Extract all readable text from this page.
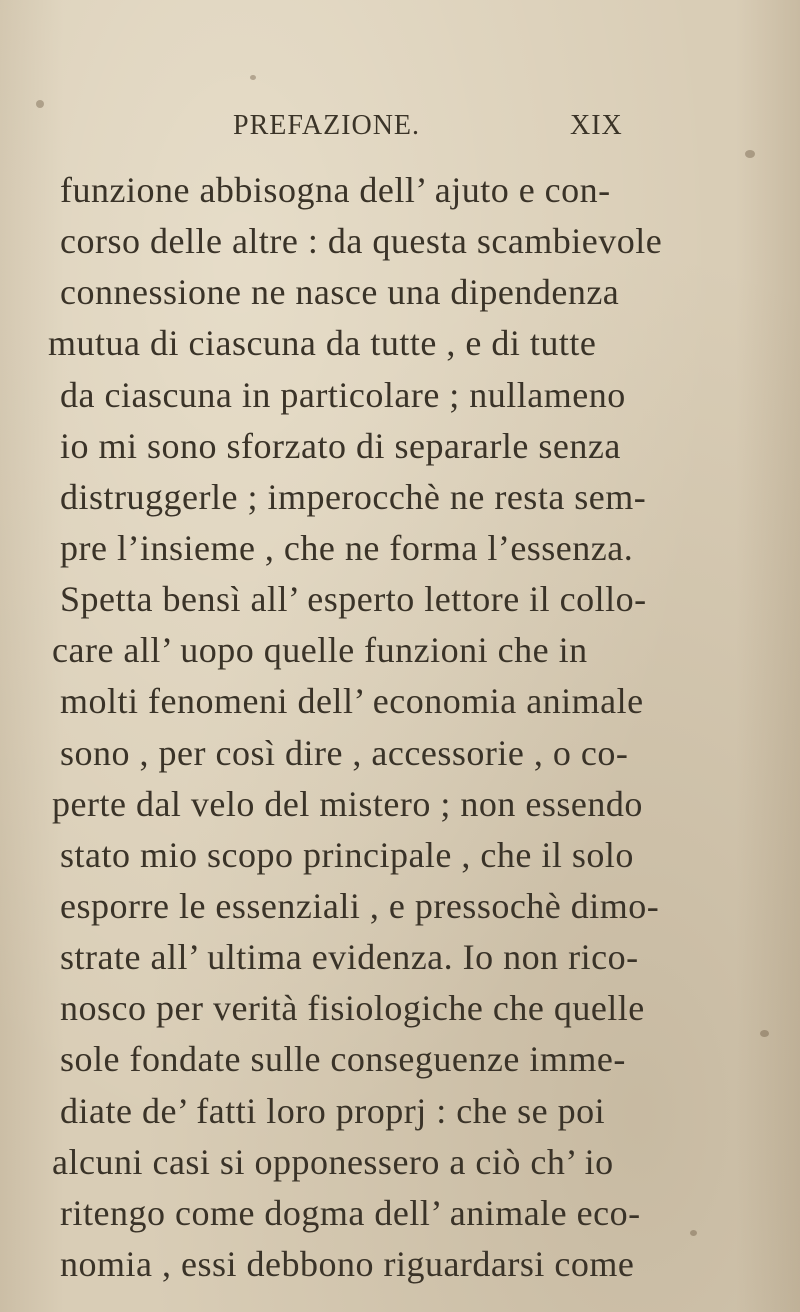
PREFAZIONE.	XIX
funzione abbisogna dell’ ajuto e con-
corso delle altre : da questa scambievole
connessione ne nasce una dipendenza
mutua di ciascuna da tutte , e di tutte
da ciascuna in particolare ; nullameno
io mi sono sforzato di separarle senza
distruggerle ; imperocchè ne resta sem-
pre l’insieme , che ne forma l’essenza.
Spetta bensì all’ esperto lettore il collo-
care all’ uopo quelle funzioni che in
molti fenomeni dell’ economia animale
sono , per così dire , accessorie , o co-
perte dal velo del mistero ; non essendo
stato mio scopo principale , che il solo
esporre le essenziali , e pressochè dimo-
strate all’ ultima evidenza. Io non rico-
nosco per verità fisiologiche che quelle
sole fondate sulle conseguenze imme-
diate de’ fatti loro proprj : che se poi
alcuni casi si opponessero a ciò ch’ io
ritengo come dogma dell’ animale eco-
nomia , essi debbono riguardarsi come
